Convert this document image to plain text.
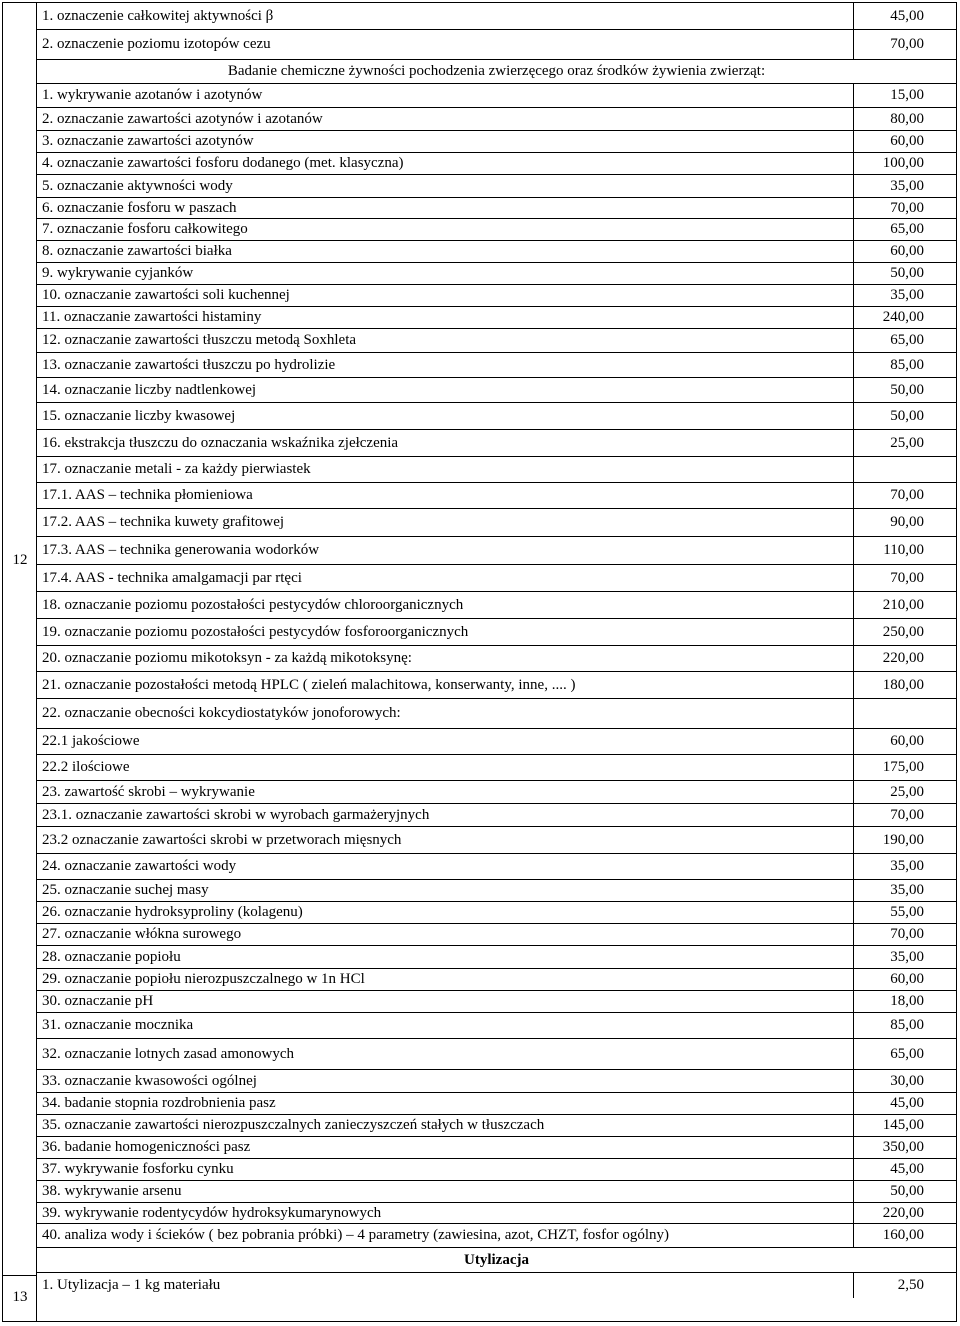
12
13
1. oznaczenie całkowitej aktywności β	45,00
2. oznaczenie poziomu izotopów cezu	70,00
Badanie chemiczne żywności pochodzenia zwierzęcego oraz środków żywienia zwierząt:
1. wykrywanie azotanów i azotynów	15,00
2. oznaczanie zawartości azotynów i azotanów	80,00
3. oznaczanie zawartości azotynów	60,00
4. oznaczanie zawartości fosforu dodanego (met. klasyczna)	100,00
5. oznaczanie aktywności wody	35,00
6. oznaczanie fosforu w paszach	70,00
7. oznaczanie fosforu całkowitego	65,00
8. oznaczanie zawartości białka	60,00
9. wykrywanie cyjanków	50,00
10. oznaczanie zawartości soli kuchennej	35,00
11. oznaczanie zawartości histaminy	240,00
12. oznaczanie zawartości tłuszczu metodą Soxhleta	65,00
13. oznaczanie zawartości tłuszczu po hydrolizie	85,00
14. oznaczanie liczby nadtlenkowej	50,00
15. oznaczanie liczby kwasowej	50,00
16. ekstrakcja tłuszczu do oznaczania wskaźnika zjełczenia	25,00
17. oznaczanie metali - za każdy pierwiastek
17.1. AAS – technika płomieniowa	70,00
17.2. AAS – technika kuwety grafitowej	90,00
17.3. AAS – technika generowania wodorków	110,00
17.4. AAS - technika amalgamacji par rtęci	70,00
18. oznaczanie poziomu pozostałości pestycydów chloroorganicznych	210,00
19. oznaczanie poziomu pozostałości pestycydów fosforoorganicznych	250,00
20. oznaczanie poziomu mikotoksyn - za każdą mikotoksynę:	220,00
21. oznaczanie pozostałości metodą HPLC ( zieleń malachitowa, konserwanty, inne, .... )	180,00
22. oznaczanie obecności kokcydiostatyków jonoforowych:
22.1 jakościowe	60,00
22.2 ilościowe	175,00
23. zawartość skrobi – wykrywanie	25,00
23.1. oznaczanie zawartości skrobi w wyrobach garmażeryjnych	70,00
23.2 oznaczanie zawartości skrobi w przetworach mięsnych	190,00
24. oznaczanie zawartości wody	35,00
25. oznaczanie suchej masy	35,00
26. oznaczanie hydroksyproliny (kolagenu)	55,00
27. oznaczanie włókna surowego	70,00
28. oznaczanie popiołu	35,00
29. oznaczanie popiołu nierozpuszczalnego w 1n HCl	60,00
30. oznaczanie pH	18,00
31. oznaczanie mocznika	85,00
32. oznaczanie lotnych zasad amonowych	65,00
33. oznaczanie kwasowości ogólnej	30,00
34. badanie stopnia rozdrobnienia pasz	45,00
35. oznaczanie zawartości nierozpuszczalnych zanieczyszczeń stałych w tłuszczach	145,00
36. badanie homogeniczności pasz	350,00
37. wykrywanie fosforku cynku	45,00
38. wykrywanie arsenu	50,00
39. wykrywanie rodentycydów hydroksykumarynowych	220,00
40. analiza wody i ścieków ( bez pobrania próbki) – 4 parametry (zawiesina, azot, CHZT, fosfor ogólny)	160,00
Utylizacja
1. Utylizacja – 1 kg materiału	2,50
